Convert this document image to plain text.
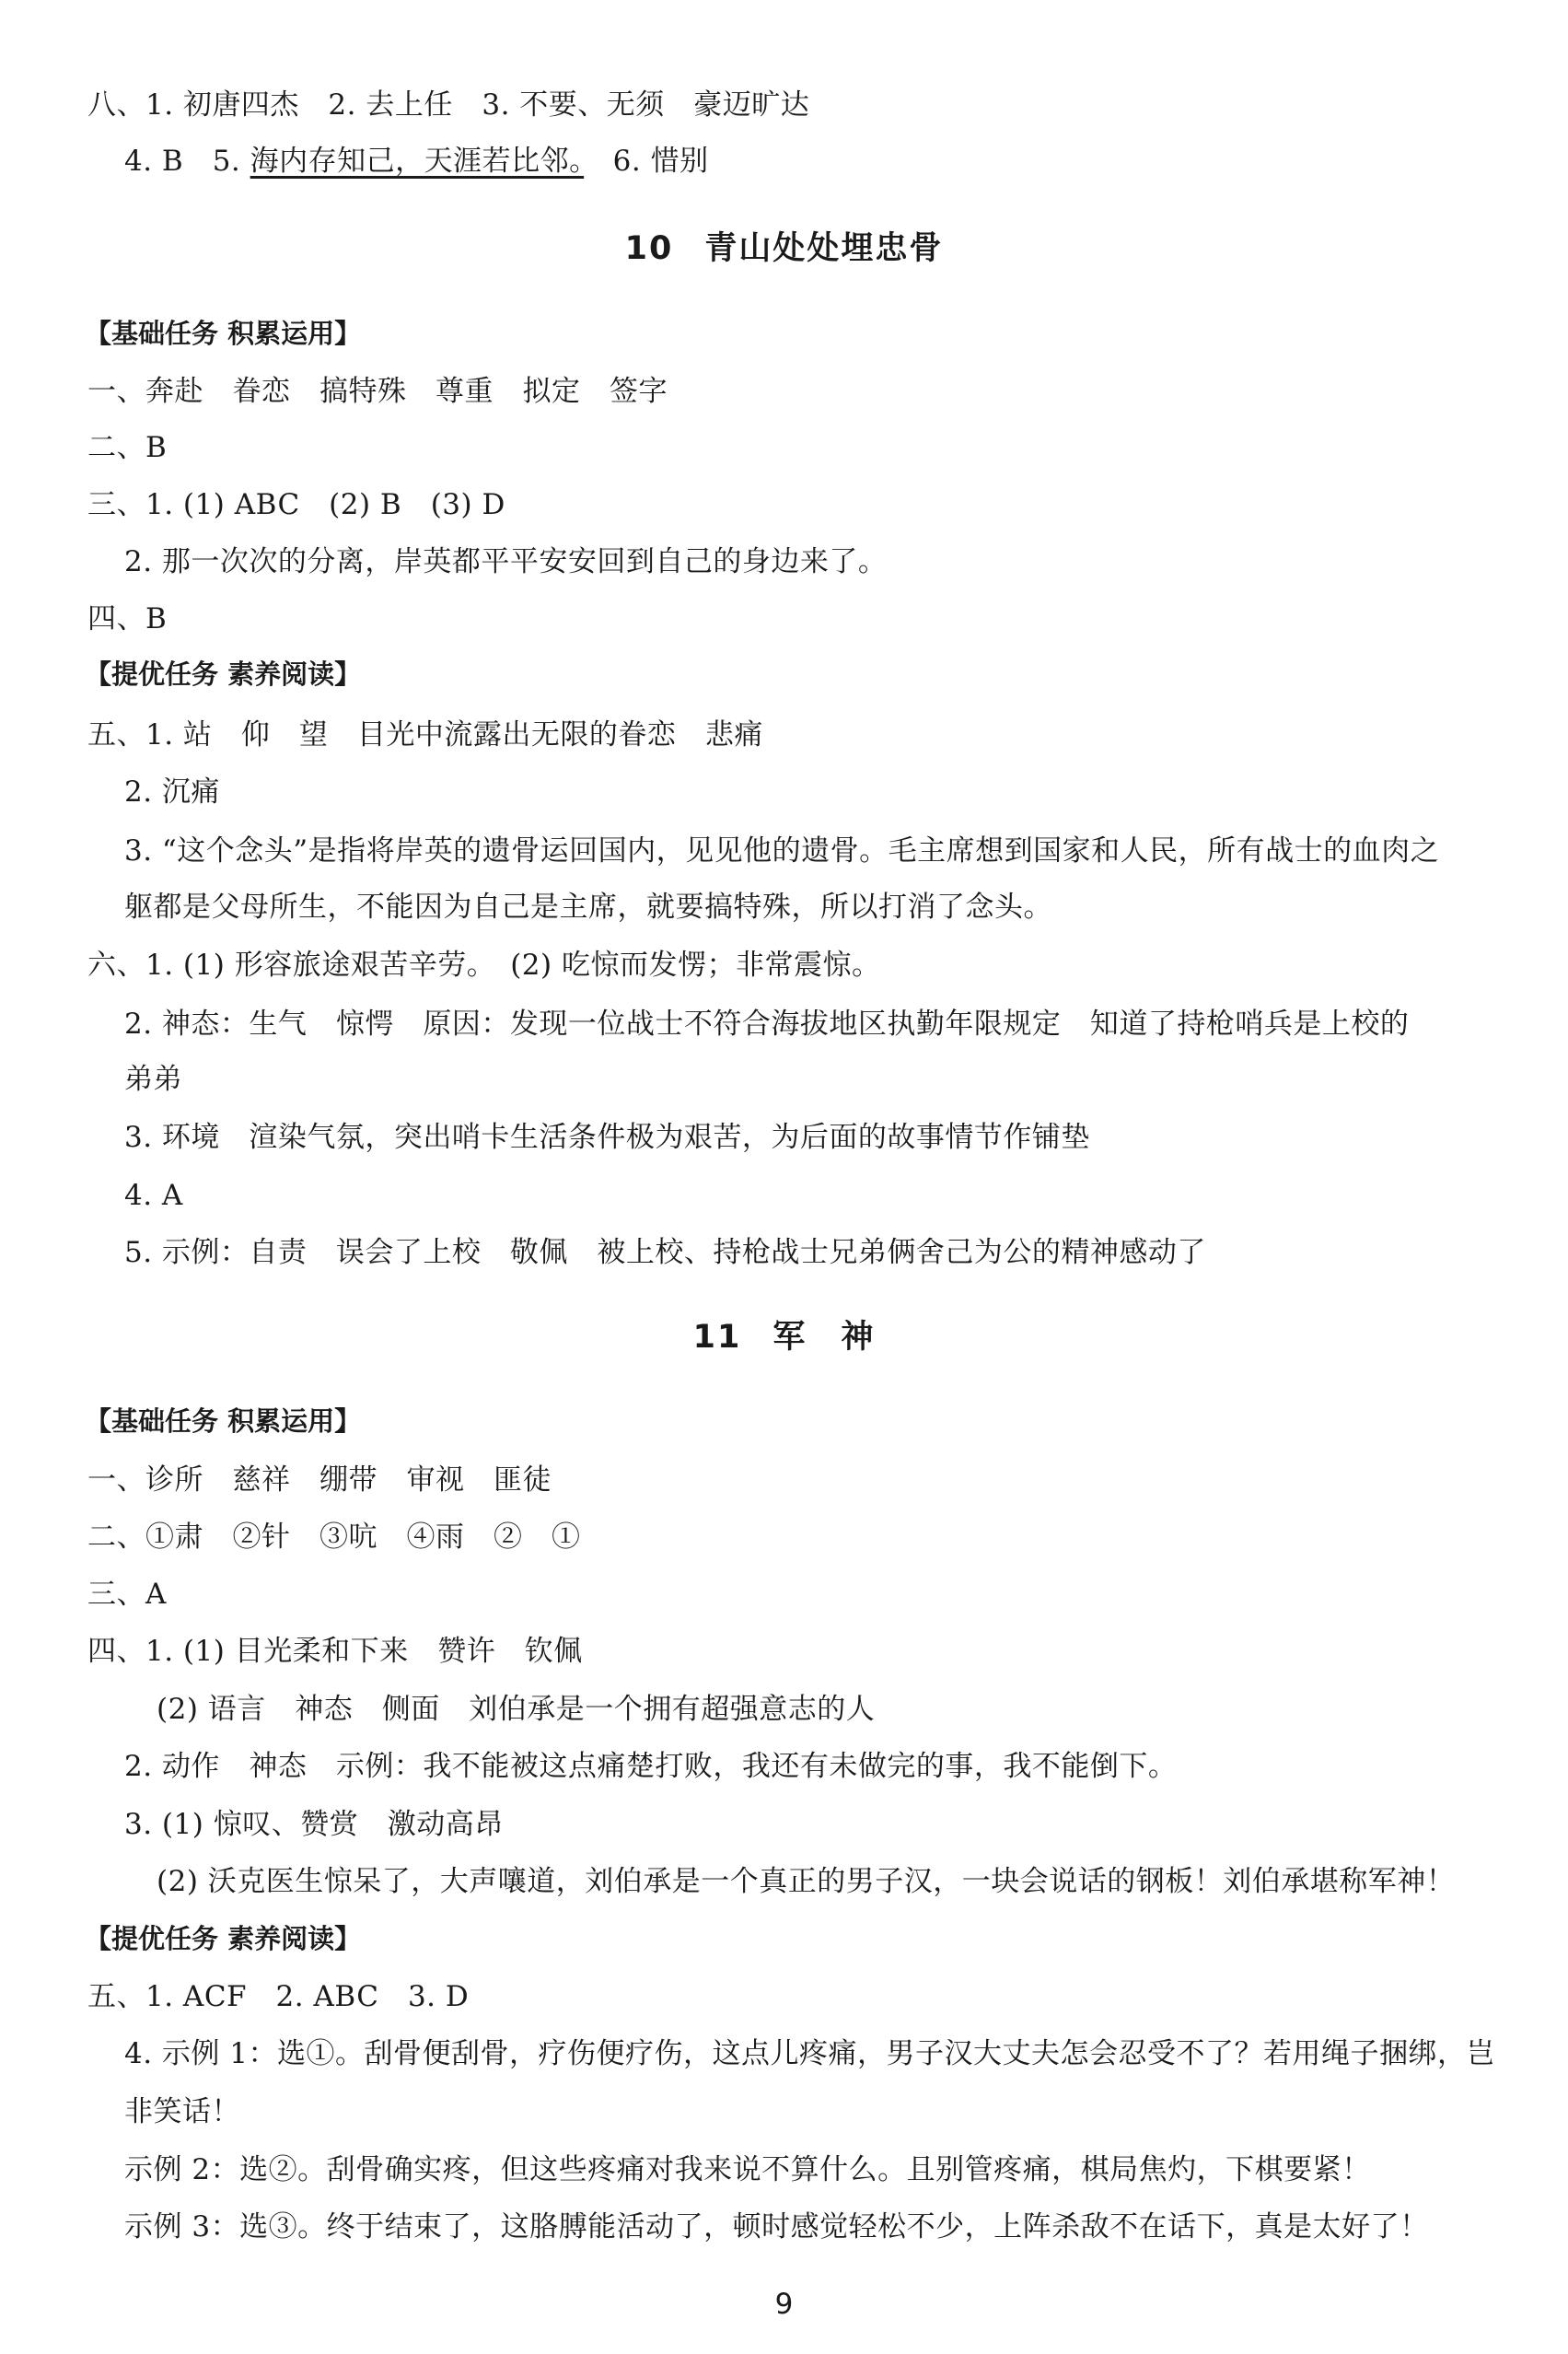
八、1. 初唐四杰　2. 去上任　3. 不要、无须　豪迈旷达
4. B　5. 海内存知己，天涯若比邻。　6. 惜别
10 青山处处埋忠骨
【基础任务 积累运用】
一、奔赴　眷恋　搞特殊　尊重　拟定　签字
二、B
三、1. (1) ABC　(2) B　(3) D
2. 那一次次的分离，岸英都平平安安回到自己的身边来了。
四、B
【提优任务 素养阅读】
五、1. 站　仰　望　目光中流露出无限的眷恋　悲痛
2. 沉痛
3. “这个念头”是指将岸英的遗骨运回国内，见见他的遗骨。毛主席想到国家和人民，所有战士的血肉之
躯都是父母所生，不能因为自己是主席，就要搞特殊，所以打消了念头。
六、1. (1) 形容旅途艰苦辛劳。　(2) 吃惊而发愣；非常震惊。
2. 神态：生气　惊愕　原因：发现一位战士不符合海拔地区执勤年限规定　知道了持枪哨兵是上校的
弟弟
3. 环境　渲染气氛，突出哨卡生活条件极为艰苦，为后面的故事情节作铺垫
4. A
5. 示例：自责　误会了上校　敬佩　被上校、持枪战士兄弟俩舍己为公的精神感动了
11 军　神
【基础任务 积累运用】
一、诊所　慈祥　绷带　审视　匪徒
二、①肃　②针　③吭　④雨　②　①
三、A
四、1. (1) 目光柔和下来　赞许　钦佩
(2) 语言　神态　侧面　刘伯承是一个拥有超强意志的人
2. 动作　神态　示例：我不能被这点痛楚打败，我还有未做完的事，我不能倒下。
3. (1) 惊叹、赞赏　激动高昂
(2) 沃克医生惊呆了，大声嚷道，刘伯承是一个真正的男子汉，一块会说话的钢板！刘伯承堪称军神！
【提优任务 素养阅读】
五、1. ACF　2. ABC　3. D
4. 示例 1：选①。刮骨便刮骨，疗伤便疗伤，这点儿疼痛，男子汉大丈夫怎会忍受不了？若用绳子捆绑，岂
非笑话！
示例 2：选②。刮骨确实疼，但这些疼痛对我来说不算什么。且别管疼痛，棋局焦灼，下棋要紧！
示例 3：选③。终于结束了，这胳膊能活动了，顿时感觉轻松不少，上阵杀敌不在话下，真是太好了！
9
